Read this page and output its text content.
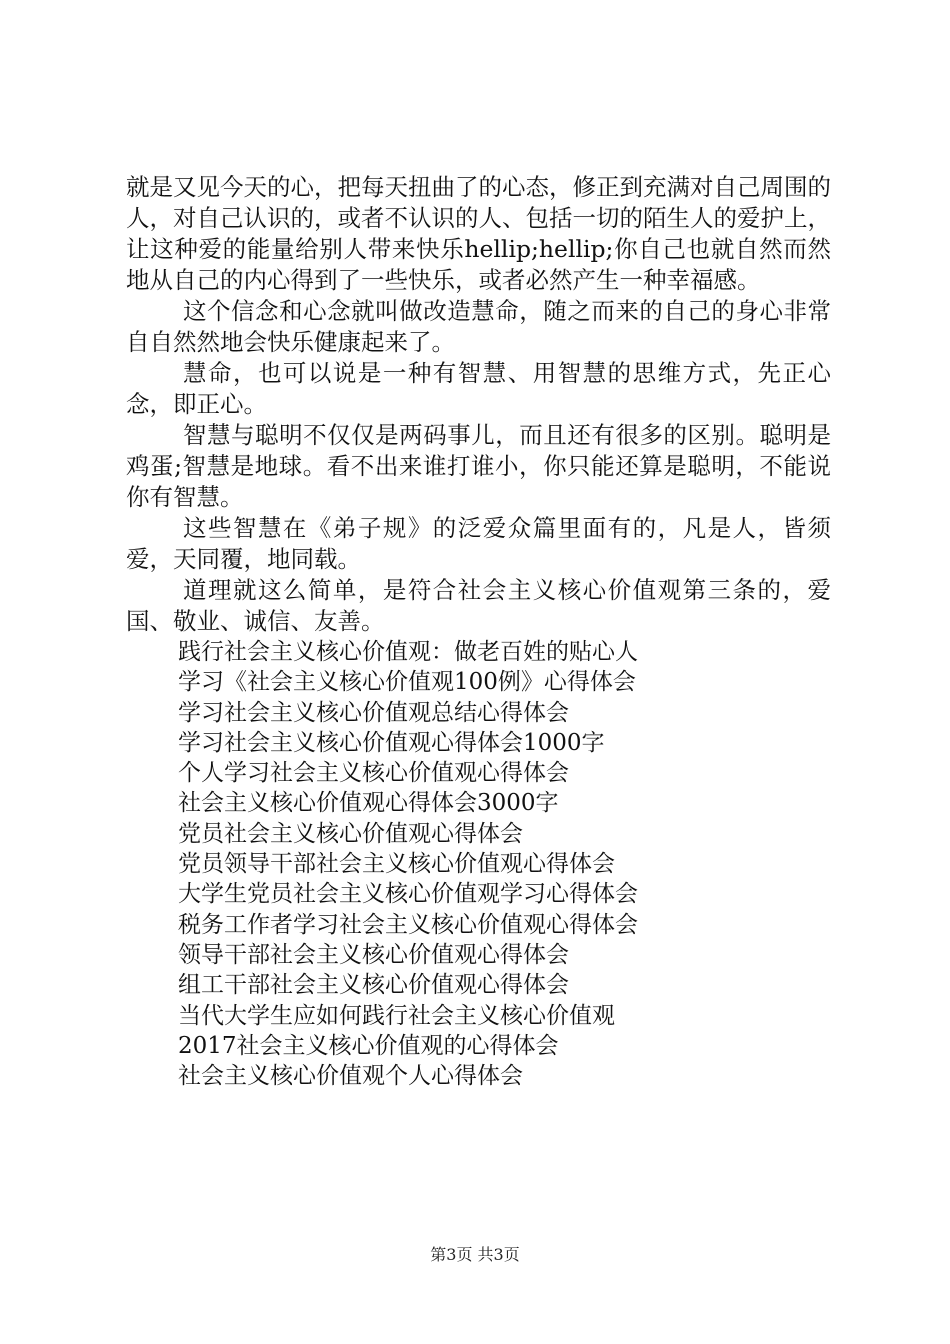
就是又见今天的心，把每天扭曲了的心态，修正到充满对自己周围的人，对自己认识的，或者不认识的人、包括一切的陌生人的爱护上，让这种爱的能量给别人带来快乐hellip;hellip;你自己也就自然而然地从自己的内心得到了一些快乐，或者必然产生一种幸福感。

这个信念和心念就叫做改造慧命，随之而来的自己的身心非常自自然然地会快乐健康起来了。

慧命，也可以说是一种有智慧、用智慧的思维方式，先正心念，即正心。

智慧与聪明不仅仅是两码事儿，而且还有很多的区别。聪明是鸡蛋;智慧是地球。看不出来谁打谁小，你只能还算是聪明，不能说你有智慧。

这些智慧在《弟子规》的泛爱众篇里面有的，凡是人，皆须爱，天同覆，地同载。

道理就这么简单，是符合社会主义核心价值观第三条的，爱国、敬业、诚信、友善。

践行社会主义核心价值观：做老百姓的贴心人
学习《社会主义核心价值观100例》心得体会
学习社会主义核心价值观总结心得体会
学习社会主义核心价值观心得体会1000字
个人学习社会主义核心价值观心得体会
社会主义核心价值观心得体会3000字
党员社会主义核心价值观心得体会
党员领导干部社会主义核心价值观心得体会
大学生党员社会主义核心价值观学习心得体会
税务工作者学习社会主义核心价值观心得体会
领导干部社会主义核心价值观心得体会
组工干部社会主义核心价值观心得体会
当代大学生应如何践行社会主义核心价值观
2017社会主义核心价值观的心得体会
社会主义核心价值观个人心得体会
第3页 共3页
